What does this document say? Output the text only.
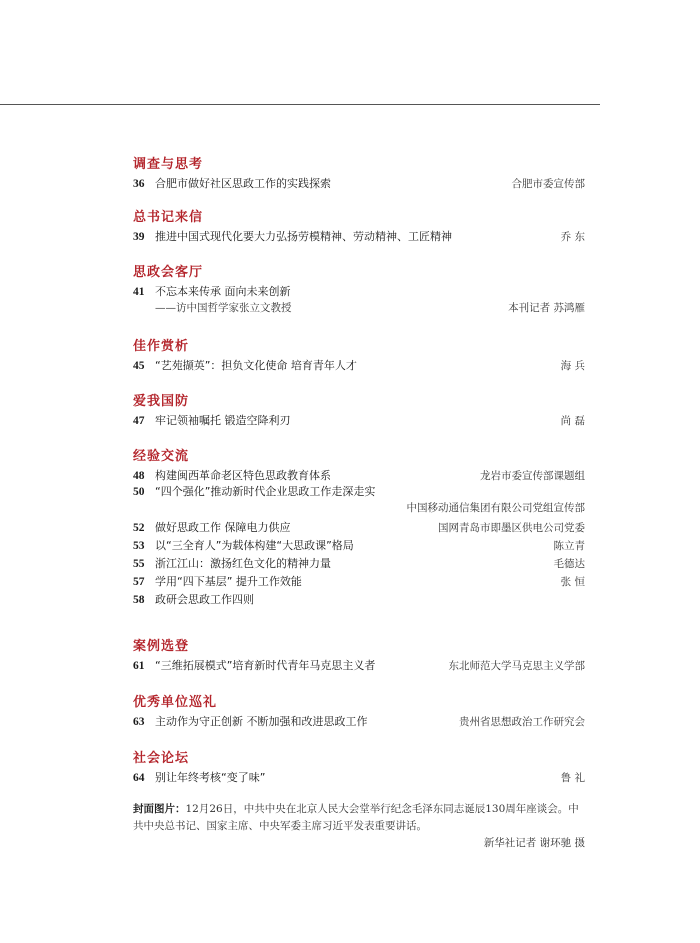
调查与思考
36 合肥市做好社区思政工作的实践探索	合肥市委宣传部
总书记来信
39 推进中国式现代化要大力弘扬劳模精神、劳动精神、工匠精神	乔 东
思政会客厅
41 不忘本来传承 面向未来创新
——访中国哲学家张立文教授	本刊记者 苏鸿雁
佳作赏析
45 “艺苑撷英”：担负文化使命 培育青年人才	海 兵
爱我国防
47 牢记领袖嘱托 锻造空降利刃	尚 磊
经验交流
48 构建闽西革命老区特色思政教育体系	龙岩市委宣传部课题组
50 “四个强化”推动新时代企业思政工作走深走实
中国移动通信集团有限公司党组宣传部
52 做好思政工作 保障电力供应	国网青岛市即墨区供电公司党委
53 以“三全育人”为载体构建“大思政课”格局	陈立青
55 浙江江山：激扬红色文化的精神力量	毛德达
57 学用“四下基层” 提升工作效能	张 恒
58 政研会思政工作四则
案例选登
61 “三维拓展模式”培育新时代青年马克思主义者	东北师范大学马克思主义学部
优秀单位巡礼
63 主动作为守正创新 不断加强和改进思政工作	贵州省思想政治工作研究会
社会论坛
64 别让年终考核“变了味”	鲁 礼
封面图片：12月26日，中共中央在北京人民大会堂举行纪念毛泽东同志诞辰130周年座谈会。中共中央总书记、国家主席、中央军委主席习近平发表重要讲话。
新华社记者 谢环驰 摄
